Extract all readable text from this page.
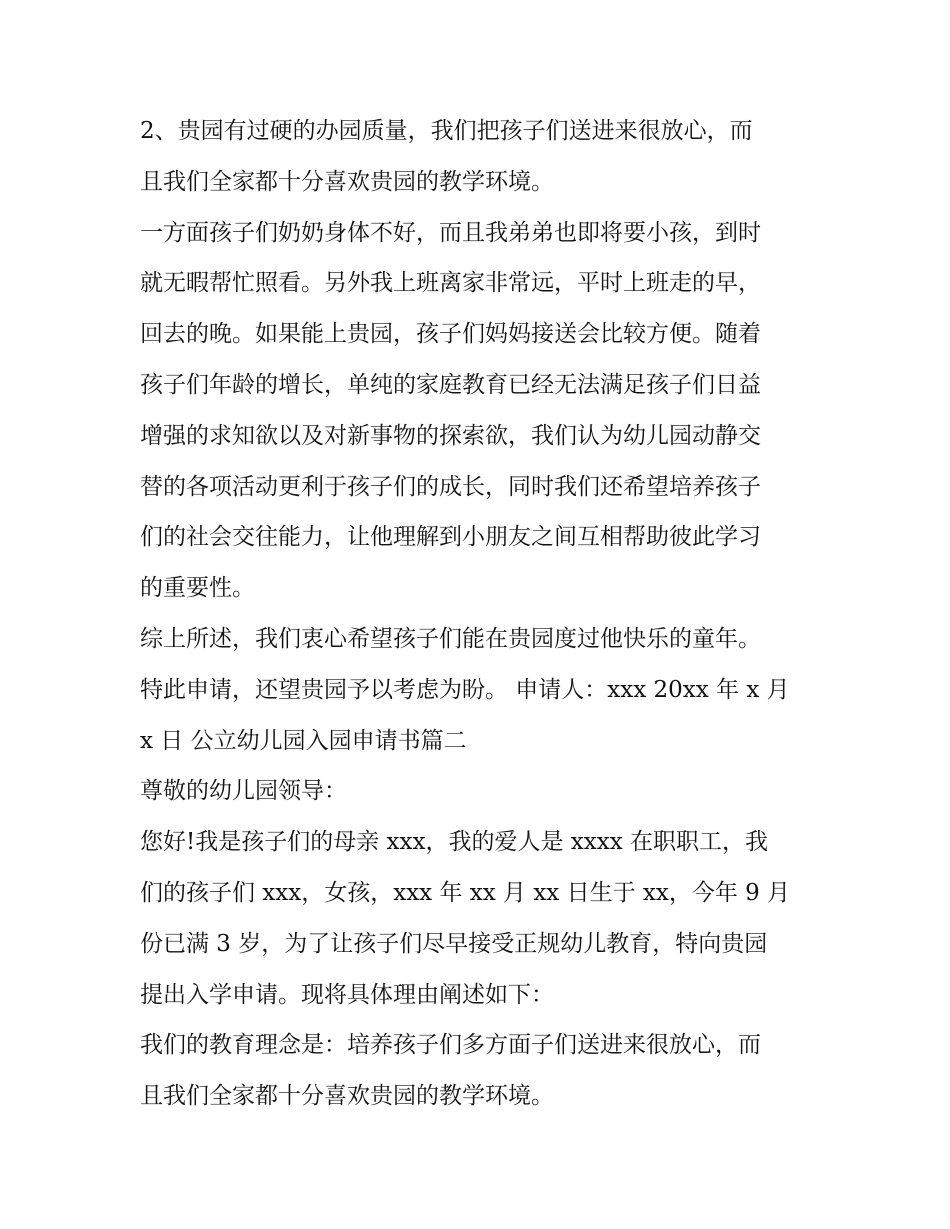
2、贵园有过硬的办园质量，我们把孩子们送进来很放心，而
且我们全家都十分喜欢贵园的教学环境。
一方面孩子们奶奶身体不好，而且我弟弟也即将要小孩，到时
就无暇帮忙照看。另外我上班离家非常远，平时上班走的早，
回去的晚。如果能上贵园，孩子们妈妈接送会比较方便。随着
孩子们年龄的增长，单纯的家庭教育已经无法满足孩子们日益
增强的求知欲以及对新事物的探索欲，我们认为幼儿园动静交
替的各项活动更利于孩子们的成长，同时我们还希望培养孩子
们的社会交往能力，让他理解到小朋友之间互相帮助彼此学习
的重要性。
综上所述，我们衷心希望孩子们能在贵园度过他快乐的童年。
特此申请，还望贵园予以考虑为盼。 申请人：xxx 20xx 年 x 月
x 日 公立幼儿园入园申请书篇二
尊敬的幼儿园领导：
您好!我是孩子们的母亲 xxx，我的爱人是 xxxx 在职职工，我
们的孩子们 xxx，女孩，xxx 年 xx 月 xx 日生于 xx，今年 9 月
份已满 3 岁，为了让孩子们尽早接受正规幼儿教育，特向贵园
提出入学申请。现将具体理由阐述如下：
我们的教育理念是：培养孩子们多方面子们送进来很放心，而
且我们全家都十分喜欢贵园的教学环境。
